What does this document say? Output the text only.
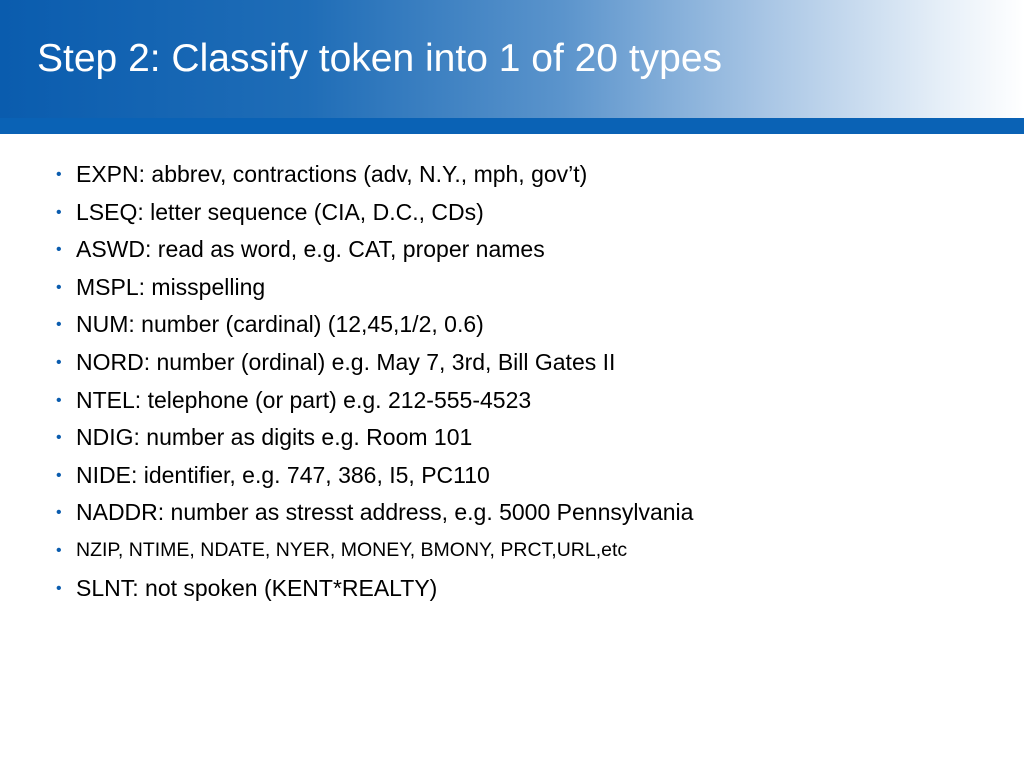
Step 2: Classify token into 1 of 20 types
• EXPN: abbrev, contractions (adv, N.Y., mph, gov’t)
• LSEQ: letter sequence (CIA, D.C., CDs)
• ASWD: read as word, e.g. CAT, proper names
• MSPL: misspelling
• NUM: number (cardinal) (12,45,1/2, 0.6)
• NORD: number (ordinal) e.g. May 7, 3rd, Bill Gates II
• NTEL: telephone (or part) e.g. 212-555-4523
• NDIG: number as digits e.g. Room 101
• NIDE: identifier, e.g. 747, 386, I5, PC110
• NADDR: number as stresst address, e.g. 5000 Pennsylvania
• NZIP, NTIME, NDATE, NYER, MONEY, BMONY, PRCT,URL,etc
• SLNT: not spoken (KENT*REALTY)
